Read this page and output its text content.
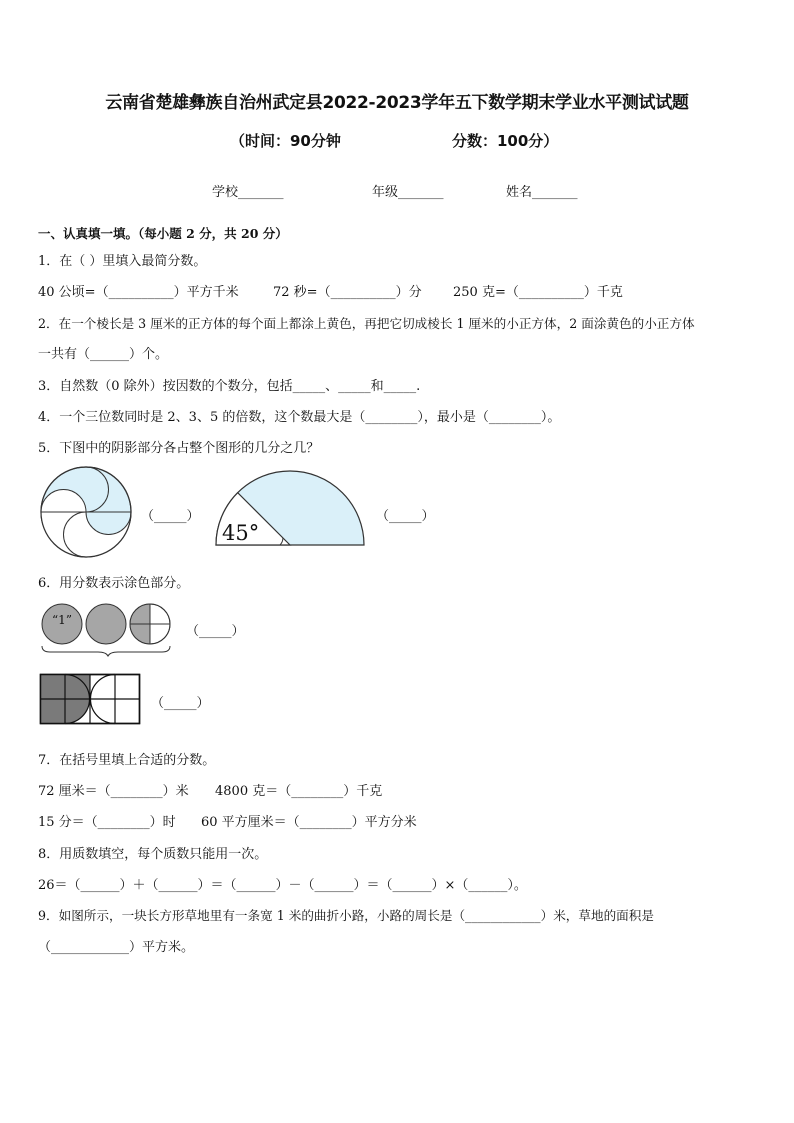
云南省楚雄彝族自治州武定县2022-2023学年五下数学期末学业水平测试试题
（时间：90分钟	分数：100分）
学校_______	年级_______	姓名_______
一、认真填一填。（每小题 2 分，共 20 分）
1．在（ ）里填入最简分数。
40 公顷=（__________）平方千米	72 秒=（__________）分 250 克=（__________）千克
2．在一个棱长是 3 厘米的正方体的每个面上都涂上黄色，再把它切成棱长 1 厘米的小正方体，2 面涂黄色的小正方体
一共有（______）个。
3．自然数（0 除外）按因数的个数分，包括_____、_____和_____.
4．一个三位数同时是 2、3、5 的倍数，这个数最大是（________），最小是（________）。
5．下图中的阴影部分各占整个图形的几分之几？
（_____）
45°
（_____）
6．用分数表示涂色部分。
“1”
（_____）
（_____）
7．在括号里填上合适的分数。
72 厘米＝（________）米 4800 克＝（________）千克
15 分＝（________）时 60 平方厘米＝（________）平方分米
8．用质数填空，每个质数只能用一次。
26＝（______）＋（______）＝（______）－（______）＝（______）×（______）。
9．如图所示，一块长方形草地里有一条宽 1 米的曲折小路，小路的周长是（____________）米，草地的面积是
（____________）平方米。
